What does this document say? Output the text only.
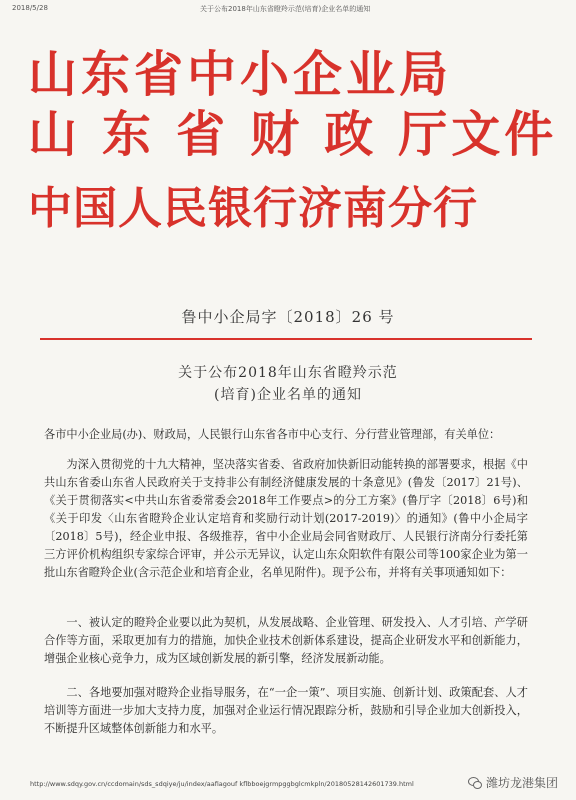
2018/5/28	关于公布2018年山东省瞪羚示范(培育)企业名单的通知
山东省中小企业局
山 东 省 财 政 厅文件
中国人民银行济南分行
鲁中小企局字〔2018〕26 号
关于公布2018年山东省瞪羚示范
(培育)企业名单的通知
各市中小企业局(办)、财政局，人民银行山东省各市中心支行、分行营业管理部，有关单位：
为深入贯彻党的十九大精神，坚决落实省委、省政府加快新旧动能转换的部署要求，根据《中共山东省委山东省人民政府关于支持非公有制经济健康发展的十条意见》(鲁发〔2017〕21号)、《关于贯彻落实<中共山东省委常委会2018年工作要点>的分工方案》(鲁厅字〔2018〕6号)和《关于印发〈山东省瞪羚企业认定培育和奖励行动计划(2017-2019)〉的通知》(鲁中小企局字〔2018〕5号)，经企业申报、各级推荐，省中小企业局会同省财政厅、人民银行济南分行委托第三方评价机构组织专家综合评审，并公示无异议，认定山东众阳软件有限公司等100家企业为第一批山东省瞪羚企业(含示范企业和培育企业，名单见附件)。现予公布，并将有关事项通知如下：
一、被认定的瞪羚企业要以此为契机，从发展战略、企业管理、研发投入、人才引培、产学研合作等方面，采取更加有力的措施，加快企业技术创新体系建设，提高企业研发水平和创新能力，增强企业核心竞争力，成为区域创新发展的新引擎，经济发展新动能。
二、各地要加强对瞪羚企业指导服务，在“一企一策”、项目实施、创新计划、政策配套、人才培训等方面进一步加大支持力度，加强对企业运行情况跟踪分析，鼓励和引导企业加大创新投入，不断提升区域整体创新能力和水平。
http://www.sdqy.gov.cn/ccdomain/sds_sdqiye/ju/index/aafiagouf kflbboejgrmpggbglcmkpln/20180528142601739.html	潍坊龙港集团
